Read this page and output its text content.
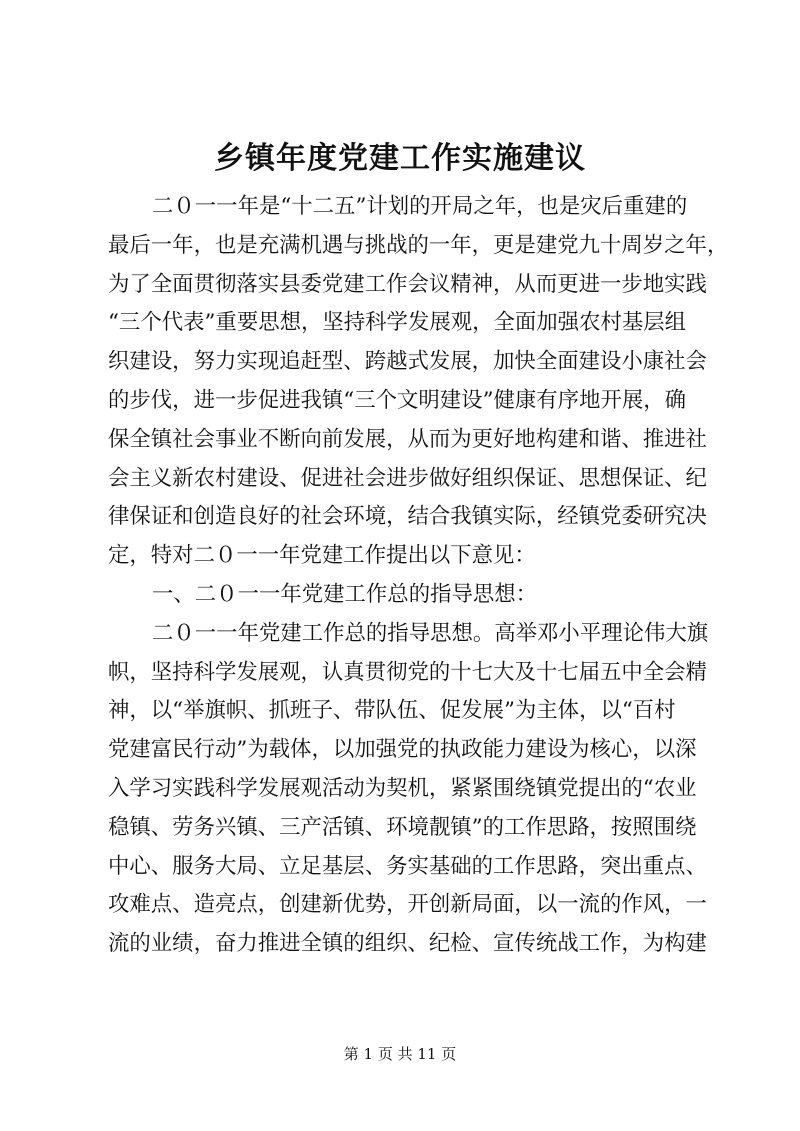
乡镇年度党建工作实施建议
二０一一年是“十二五”计划的开局之年，也是灾后重建的
最后一年，也是充满机遇与挑战的一年，更是建党九十周岁之年，
为了全面贯彻落实县委党建工作会议精神，从而更进一步地实践
“三个代表”重要思想，坚持科学发展观，全面加强农村基层组
织建设，努力实现追赶型、跨越式发展，加快全面建设小康社会
的步伐，进一步促进我镇“三个文明建设”健康有序地开展，确
保全镇社会事业不断向前发展，从而为更好地构建和谐、推进社
会主义新农村建设、促进社会进步做好组织保证、思想保证、纪
律保证和创造良好的社会环境，结合我镇实际，经镇党委研究决
定，特对二０一一年党建工作提出以下意见：
一、二０一一年党建工作总的指导思想：
二０一一年党建工作总的指导思想。高举邓小平理论伟大旗
帜，坚持科学发展观，认真贯彻党的十七大及十七届五中全会精
神，以“举旗帜、抓班子、带队伍、促发展”为主体，以“百村
党建富民行动”为载体，以加强党的执政能力建设为核心，以深
入学习实践科学发展观活动为契机，紧紧围绕镇党提出的“农业
稳镇、劳务兴镇、三产活镇、环境靓镇”的工作思路，按照围绕
中心、服务大局、立足基层、务实基础的工作思路，突出重点、
攻难点、造亮点，创建新优势，开创新局面，以一流的作风，一
流的业绩，奋力推进全镇的组织、纪检、宣传统战工作，为构建
第 1 页 共 11 页
